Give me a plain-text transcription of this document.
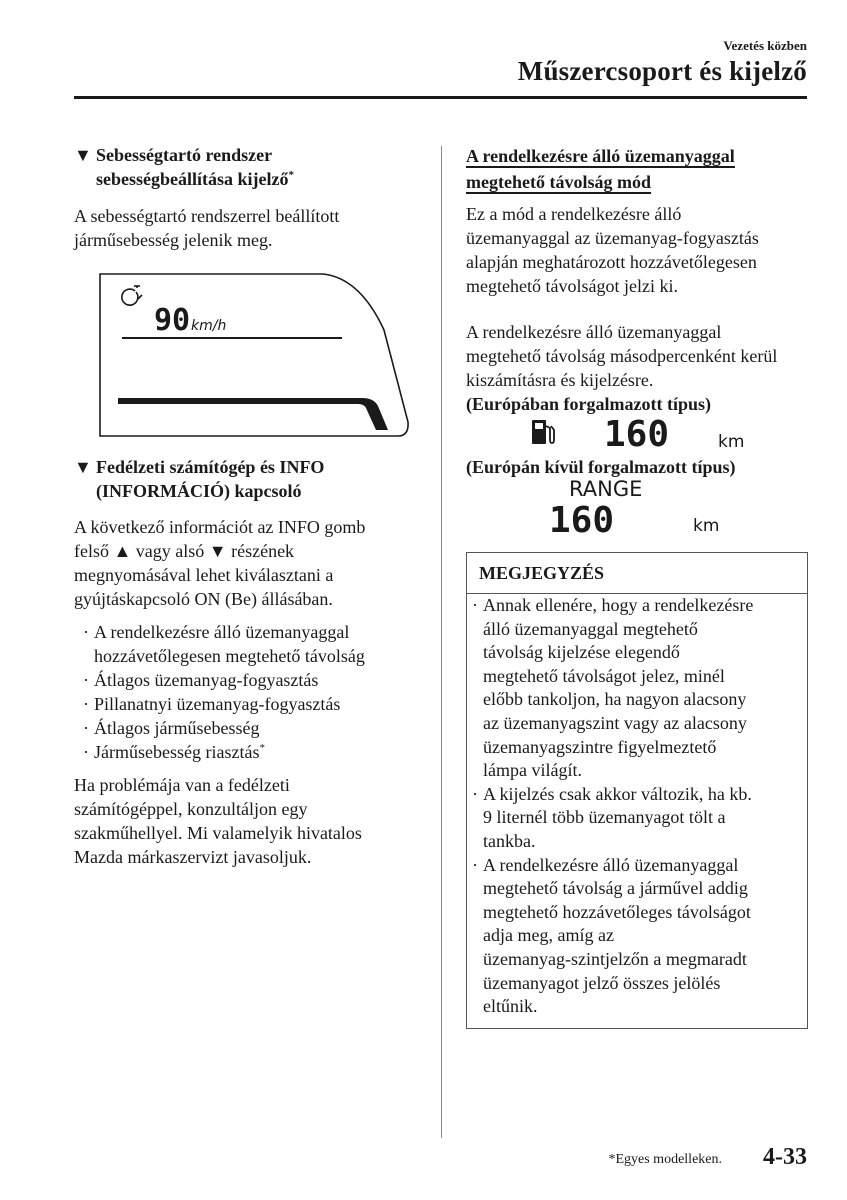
Vezetés közben
Műszercsoport és kijelző
▼ Sebességtartó rendszer
sebességbeállítása kijelző*
A sebességtartó rendszerrel beállított
járműsebesség jelenik meg.
90 km/h
▼ Fedélzeti számítógép és INFO
(INFORMÁCIÓ) kapcsoló
A következő információt az INFO gomb
felső ▲ vagy alsó ▼ részének
megnyomásával lehet kiválasztani a
gyújtáskapcsoló ON (Be) állásában.
· A rendelkezésre álló üzemanyaggal
hozzávetőlegesen megtehető távolság
· Átlagos üzemanyag-fogyasztás
· Pillanatnyi üzemanyag-fogyasztás
· Átlagos járműsebesség
· Járműsebesség riasztás*
Ha problémája van a fedélzeti
számítógéppel, konzultáljon egy
szakműhellyel. Mi valamelyik hivatalos
Mazda márkaszervizt javasoljuk.
A rendelkezésre álló üzemanyaggal
megtehető távolság mód
Ez a mód a rendelkezésre álló
üzemanyaggal az üzemanyag-fogyasztás
alapján meghatározott hozzávetőlegesen
megtehető távolságot jelzi ki.
A rendelkezésre álló üzemanyaggal
megtehető távolság másodpercenként kerül
kiszámításra és kijelzésre.
(Európában forgalmazott típus)
160	km
(Európán kívül forgalmazott típus)
RANGE
160	km
MEGJEGYZÉS
· Annak ellenére, hogy a rendelkezésre
álló üzemanyaggal megtehető
távolság kijelzése elegendő
megtehető távolságot jelez, minél
előbb tankoljon, ha nagyon alacsony
az üzemanyagszint vagy az alacsony
üzemanyagszintre figyelmeztető
lámpa világít.
· A kijelzés csak akkor változik, ha kb.
9 liternél több üzemanyagot tölt a
tankba.
· A rendelkezésre álló üzemanyaggal
megtehető távolság a járművel addig
megtehető hozzávetőleges távolságot
adja meg, amíg az
üzemanyag-szintjelzőn a megmaradt
üzemanyagot jelző összes jelölés
eltűnik.
*Egyes modelleken. 4-33
